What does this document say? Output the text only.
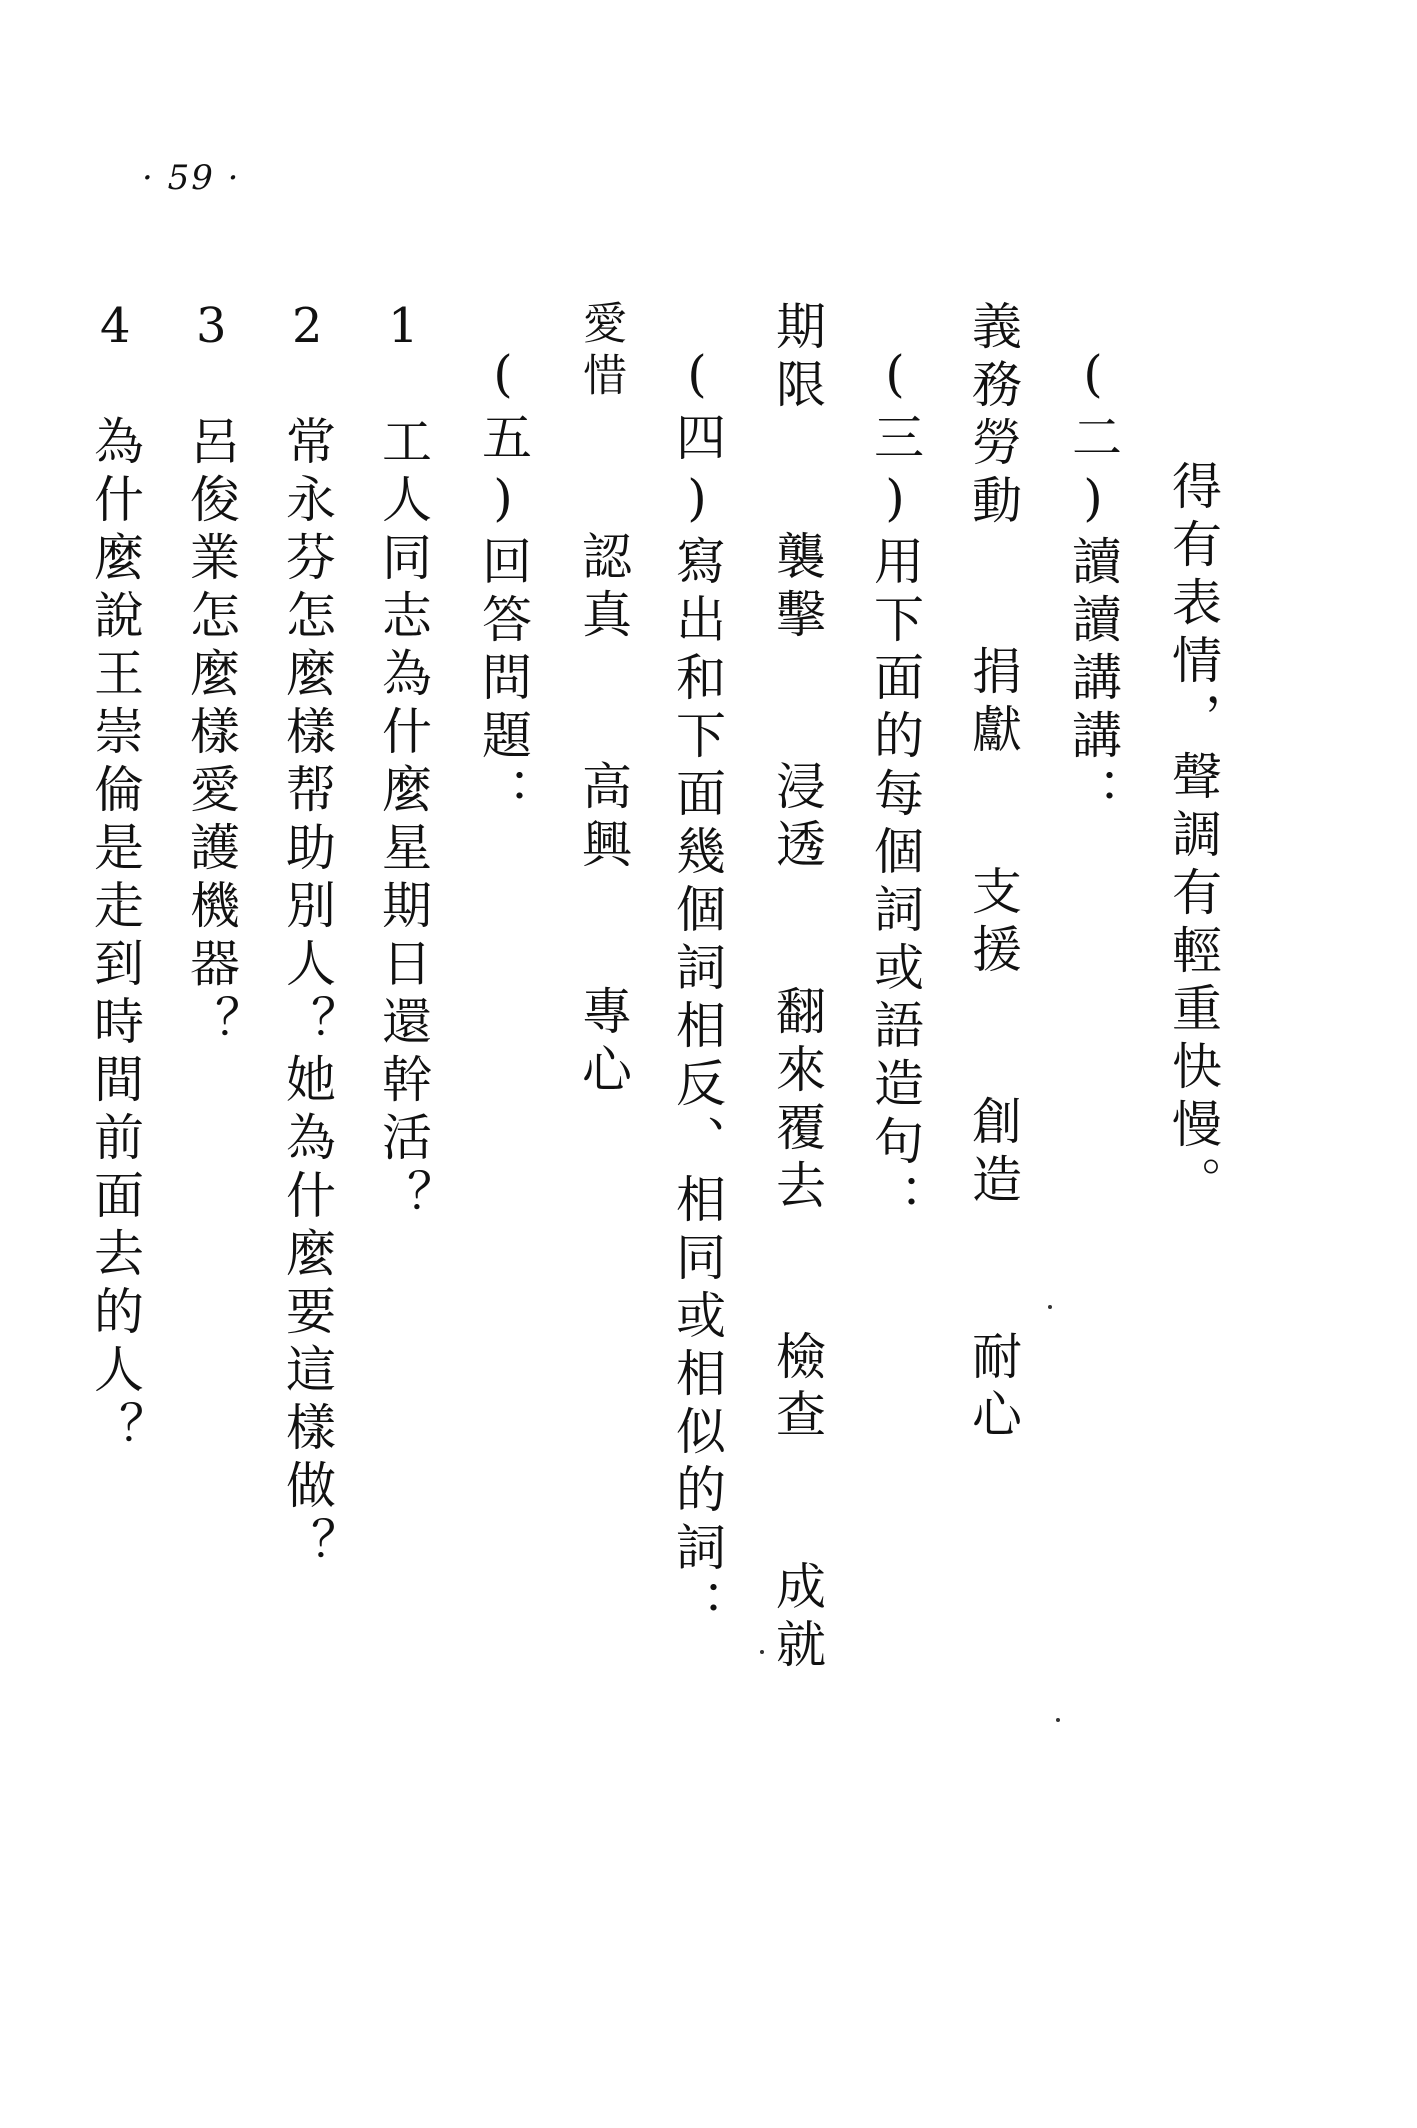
· 59 ·
得有表情，聲調有輕重快慢。
(二)讀讀講講：
義務勞動
捐獻
支援
創造
耐心
(三)用下面的每個詞或語造句：
期限
襲擊
浸透
翻來覆去
檢查
成就
(四)寫出和下面幾個詞相反、相同或相似的詞：
愛惜
認真
高興
專心
(五)回答問題：
1
工人同志為什麼星期日還幹活？
2
常永芬怎麼樣帮助別人？她為什麼要這樣做？
3
呂俊業怎麼樣愛護機器？
4
為什麼說王崇倫是走到時間前面去的人？
